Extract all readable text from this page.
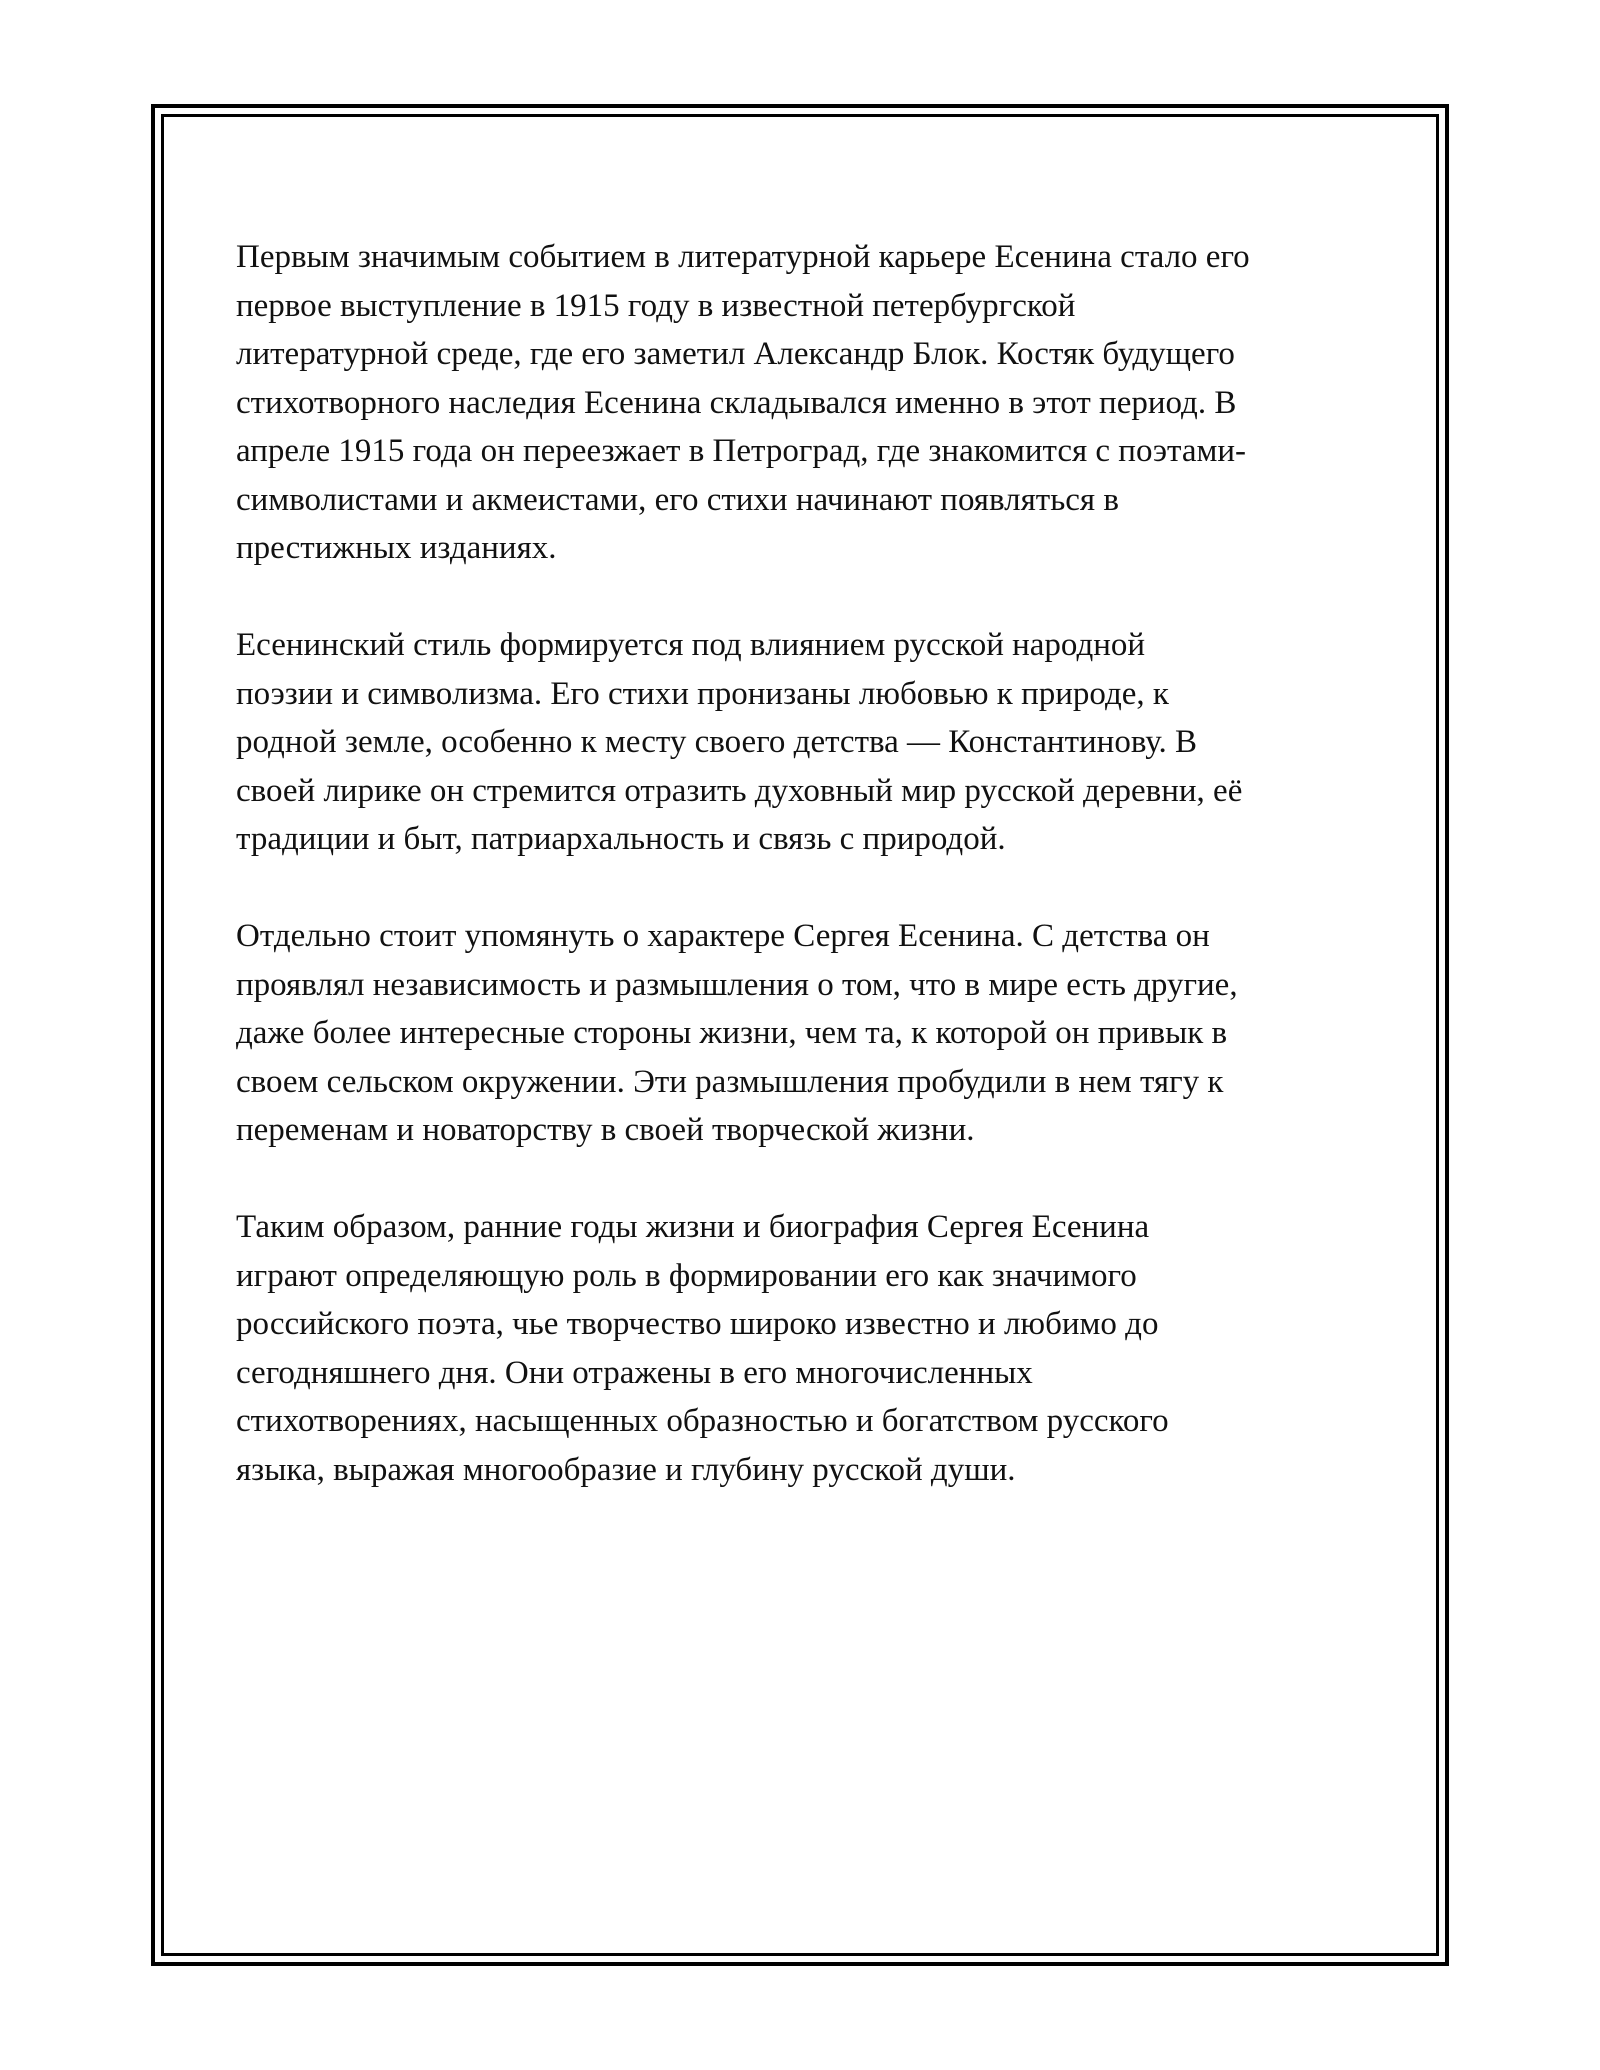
Первым значимым событием в литературной карьере Есенина стало его
первое выступление в 1915 году в известной петербургской
литературной среде, где его заметил Александр Блок. Костяк будущего
стихотворного наследия Есенина складывался именно в этот период. В
апреле 1915 года он переезжает в Петроград, где знакомится с поэтами-
символистами и акмеистами, его стихи начинают появляться в
престижных изданиях.

Есенинский стиль формируется под влиянием русской народной
поэзии и символизма. Его стихи пронизаны любовью к природе, к
родной земле, особенно к месту своего детства — Константинову. В
своей лирике он стремится отразить духовный мир русской деревни, её
традиции и быт, патриархальность и связь с природой.

Отдельно стоит упомянуть о характере Сергея Есенина. С детства он
проявлял независимость и размышления о том, что в мире есть другие,
даже более интересные стороны жизни, чем та, к которой он привык в
своем сельском окружении. Эти размышления пробудили в нем тягу к
переменам и новаторству в своей творческой жизни.

Таким образом, ранние годы жизни и биография Сергея Есенина
играют определяющую роль в формировании его как значимого
российского поэта, чье творчество широко известно и любимо до
сегодняшнего дня. Они отражены в его многочисленных
стихотворениях, насыщенных образностью и богатством русского
языка, выражая многообразие и глубину русской души.
